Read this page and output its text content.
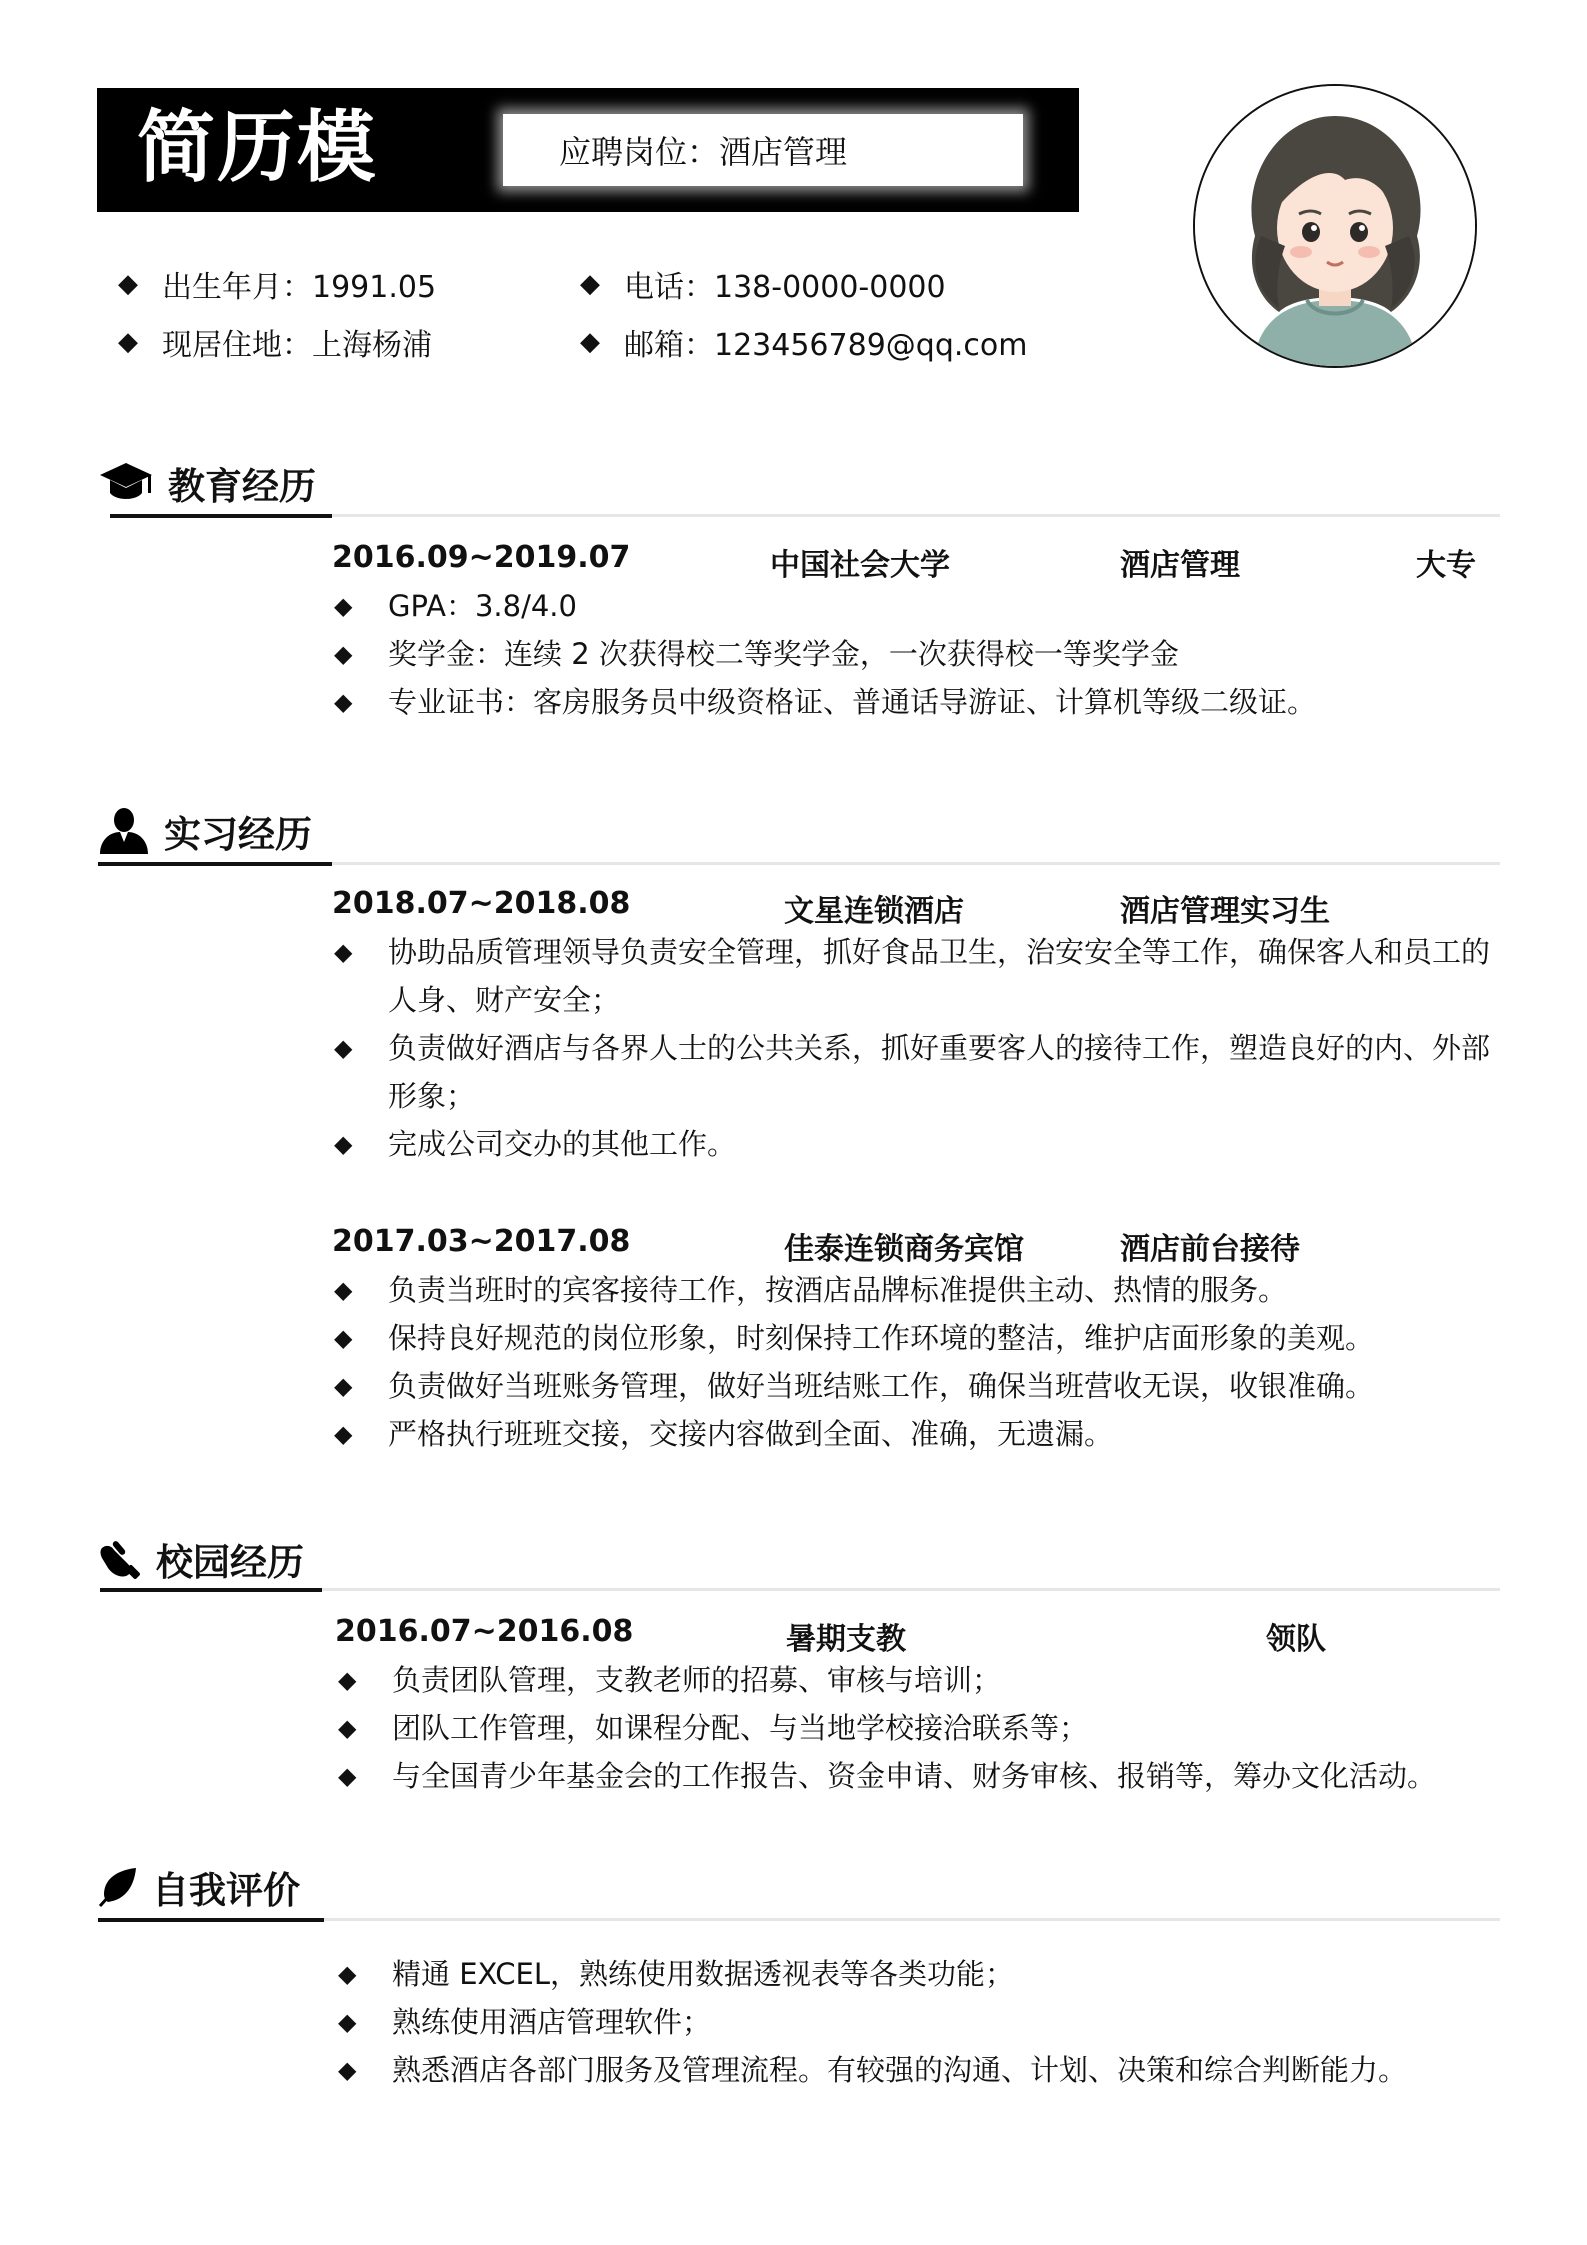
简历模	应聘岗位：酒店管理
◆ 出生年月：1991.05	◆ 电话：138-0000-0000
◆ 现居住地：上海杨浦	◆ 邮箱：123456789@qq.com
教育经历
2016.09~2019.07	中国社会大学	酒店管理	大专
◆	GPA：3.8/4.0
◆	奖学金：连续 2 次获得校二等奖学金，一次获得校一等奖学金
◆	专业证书：客房服务员中级资格证、普通话导游证、计算机等级二级证。
实习经历
2018.07~2018.08	文星连锁酒店	酒店管理实习生
◆	协助品质管理领导负责安全管理，抓好食品卫生，治安安全等工作，确保客人和员工的人身、财产安全；
◆	负责做好酒店与各界人士的公共关系，抓好重要客人的接待工作，塑造良好的内、外部形象；
◆	完成公司交办的其他工作。
2017.03~2017.08	佳泰连锁商务宾馆	酒店前台接待
◆	负责当班时的宾客接待工作，按酒店品牌标准提供主动、热情的服务。
◆	保持良好规范的岗位形象，时刻保持工作环境的整洁，维护店面形象的美观。
◆	负责做好当班账务管理，做好当班结账工作，确保当班营收无误，收银准确。
◆	严格执行班班交接，交接内容做到全面、准确，无遗漏。
校园经历
2016.07~2016.08	暑期支教	领队
◆	负责团队管理，支教老师的招募、审核与培训；
◆	团队工作管理，如课程分配、与当地学校接洽联系等；
◆	与全国青少年基金会的工作报告、资金申请、财务审核、报销等，筹办文化活动。
自我评价
◆	精通 EXCEL，熟练使用数据透视表等各类功能；
◆	熟练使用酒店管理软件；
◆	熟悉酒店各部门服务及管理流程。有较强的沟通、计划、决策和综合判断能力。
